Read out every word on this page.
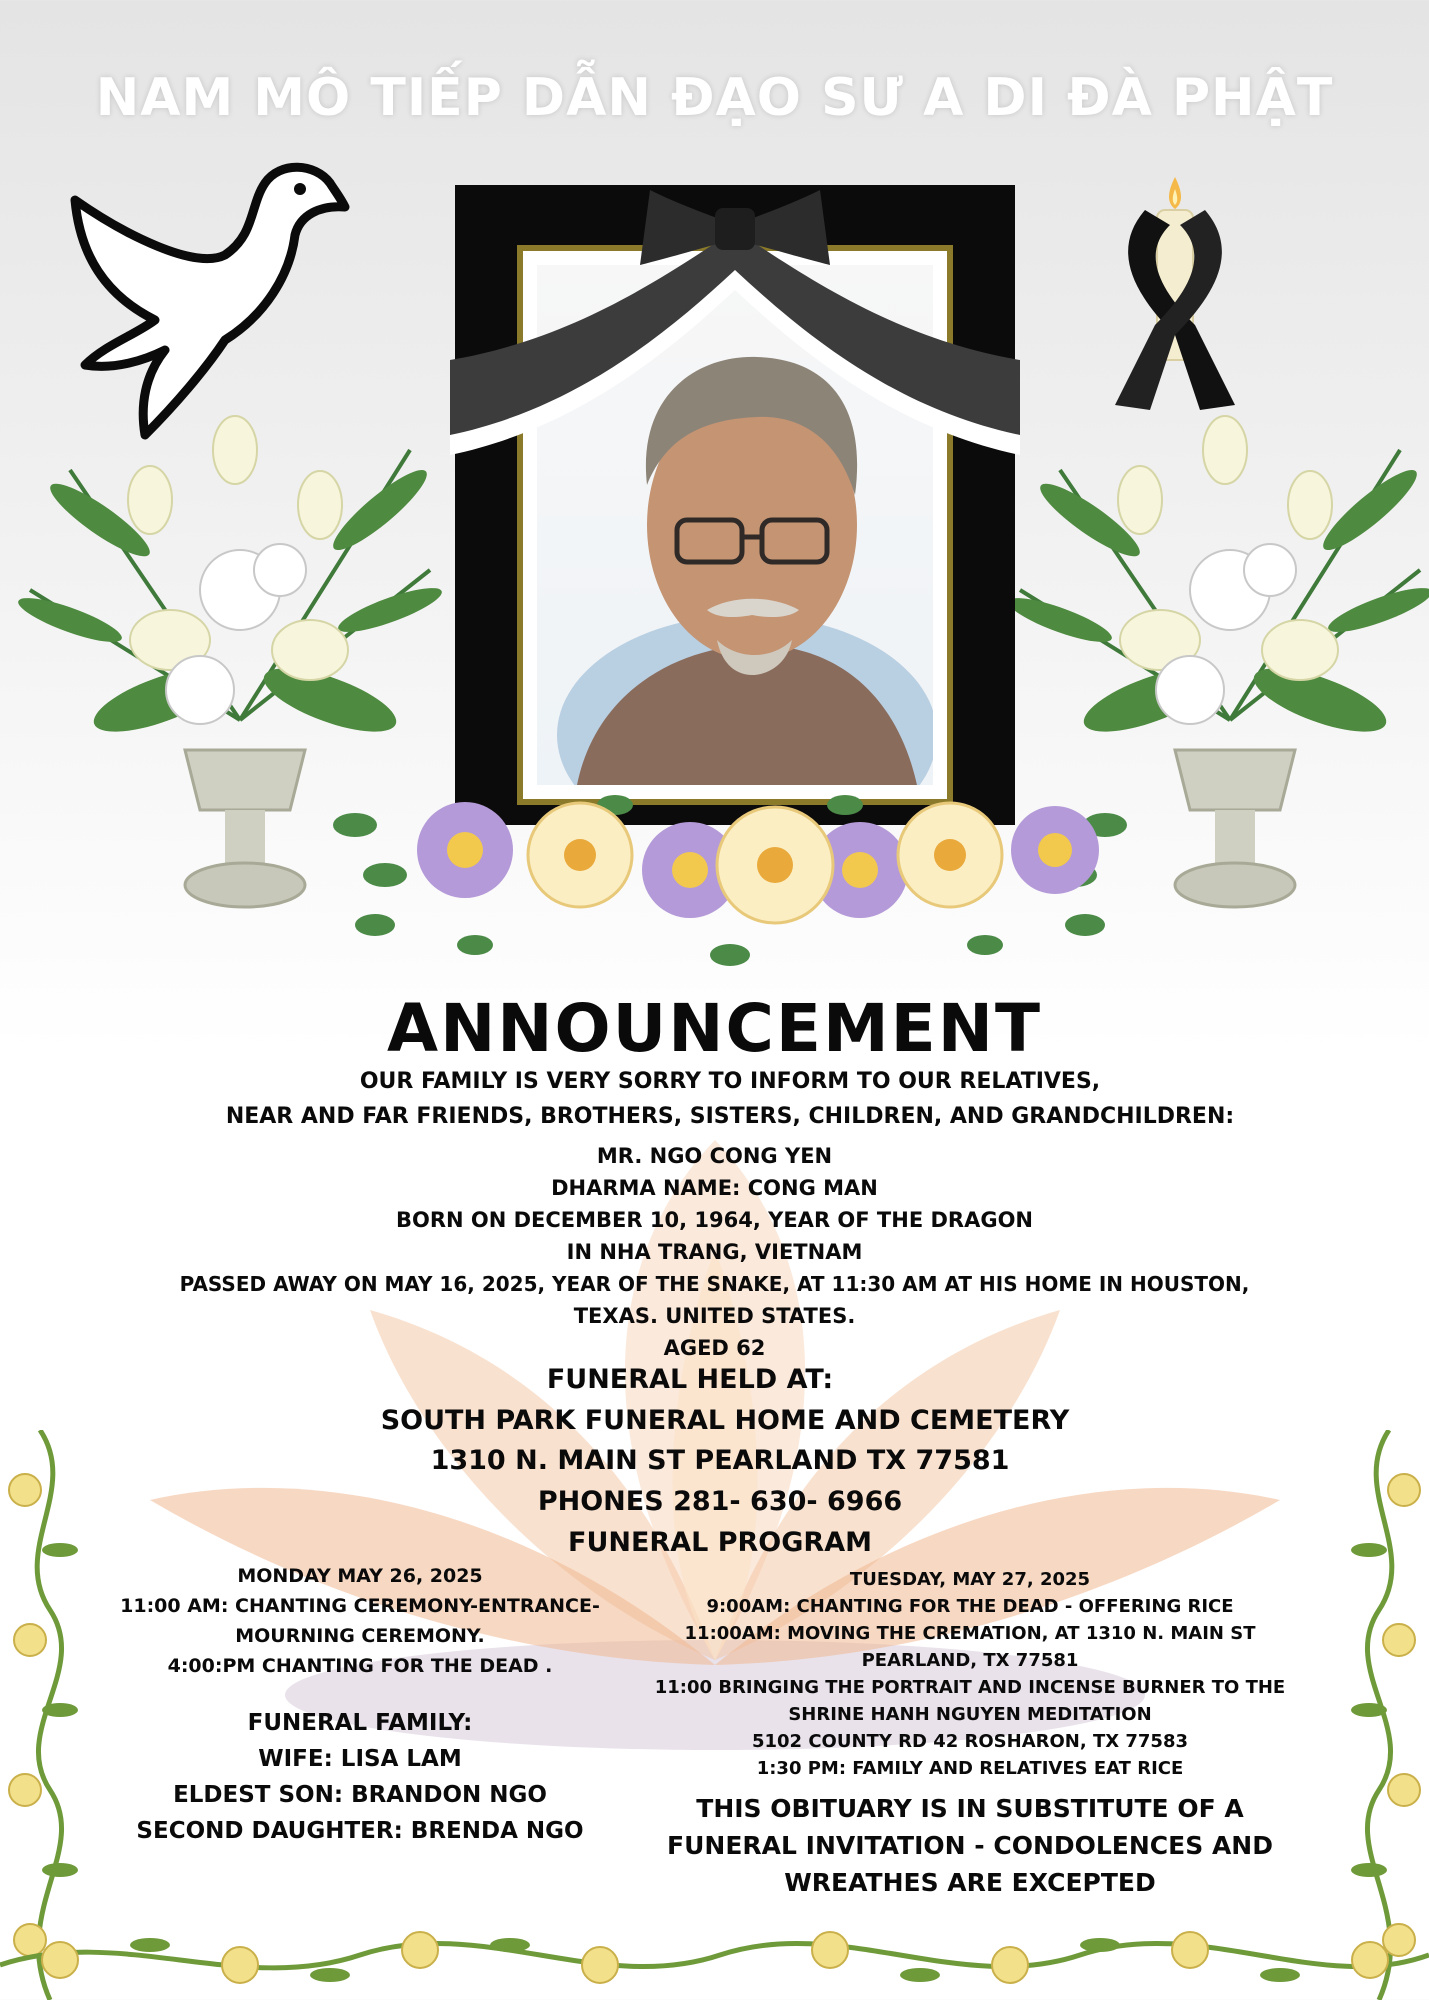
NAM MÔ TIẾP DẪN ĐẠO SƯ A DI ĐÀ PHẬT
ANNOUNCEMENT
OUR FAMILY IS VERY SORRY TO INFORM TO OUR RELATIVES,
NEAR AND FAR FRIENDS, BROTHERS, SISTERS, CHILDREN, AND GRANDCHILDREN:
MR. NGO CONG YEN
DHARMA NAME: CONG MAN
BORN ON DECEMBER 10, 1964, YEAR OF THE DRAGON
IN NHA TRANG, VIETNAM
PASSED AWAY ON MAY 16, 2025, YEAR OF THE SNAKE, AT 11:30 AM AT HIS HOME IN HOUSTON,
TEXAS. UNITED STATES.
AGED 62
FUNERAL HELD AT:
SOUTH PARK FUNERAL HOME AND CEMETERY
1310 N. MAIN ST PEARLAND TX 77581
PHONES 281- 630- 6966
FUNERAL PROGRAM
MONDAY MAY 26, 2025
11:00 AM: CHANTING CEREMONY-ENTRANCE-
MOURNING CEREMONY.
4:00:PM CHANTING FOR THE DEAD .
FUNERAL FAMILY:
WIFE: LISA LAM
ELDEST SON: BRANDON NGO
SECOND DAUGHTER: BRENDA NGO
TUESDAY, MAY 27, 2025
9:00AM: CHANTING FOR THE DEAD - OFFERING RICE
11:00AM: MOVING THE CREMATION, AT 1310 N. MAIN ST
PEARLAND, TX 77581
11:00 BRINGING THE PORTRAIT AND INCENSE BURNER TO THE
SHRINE HANH NGUYEN MEDITATION
5102 COUNTY RD 42 ROSHARON, TX 77583
1:30 PM: FAMILY AND RELATIVES EAT RICE
THIS OBITUARY IS IN SUBSTITUTE OF A
FUNERAL INVITATION - CONDOLENCES AND
WREATHES ARE EXCEPTED
